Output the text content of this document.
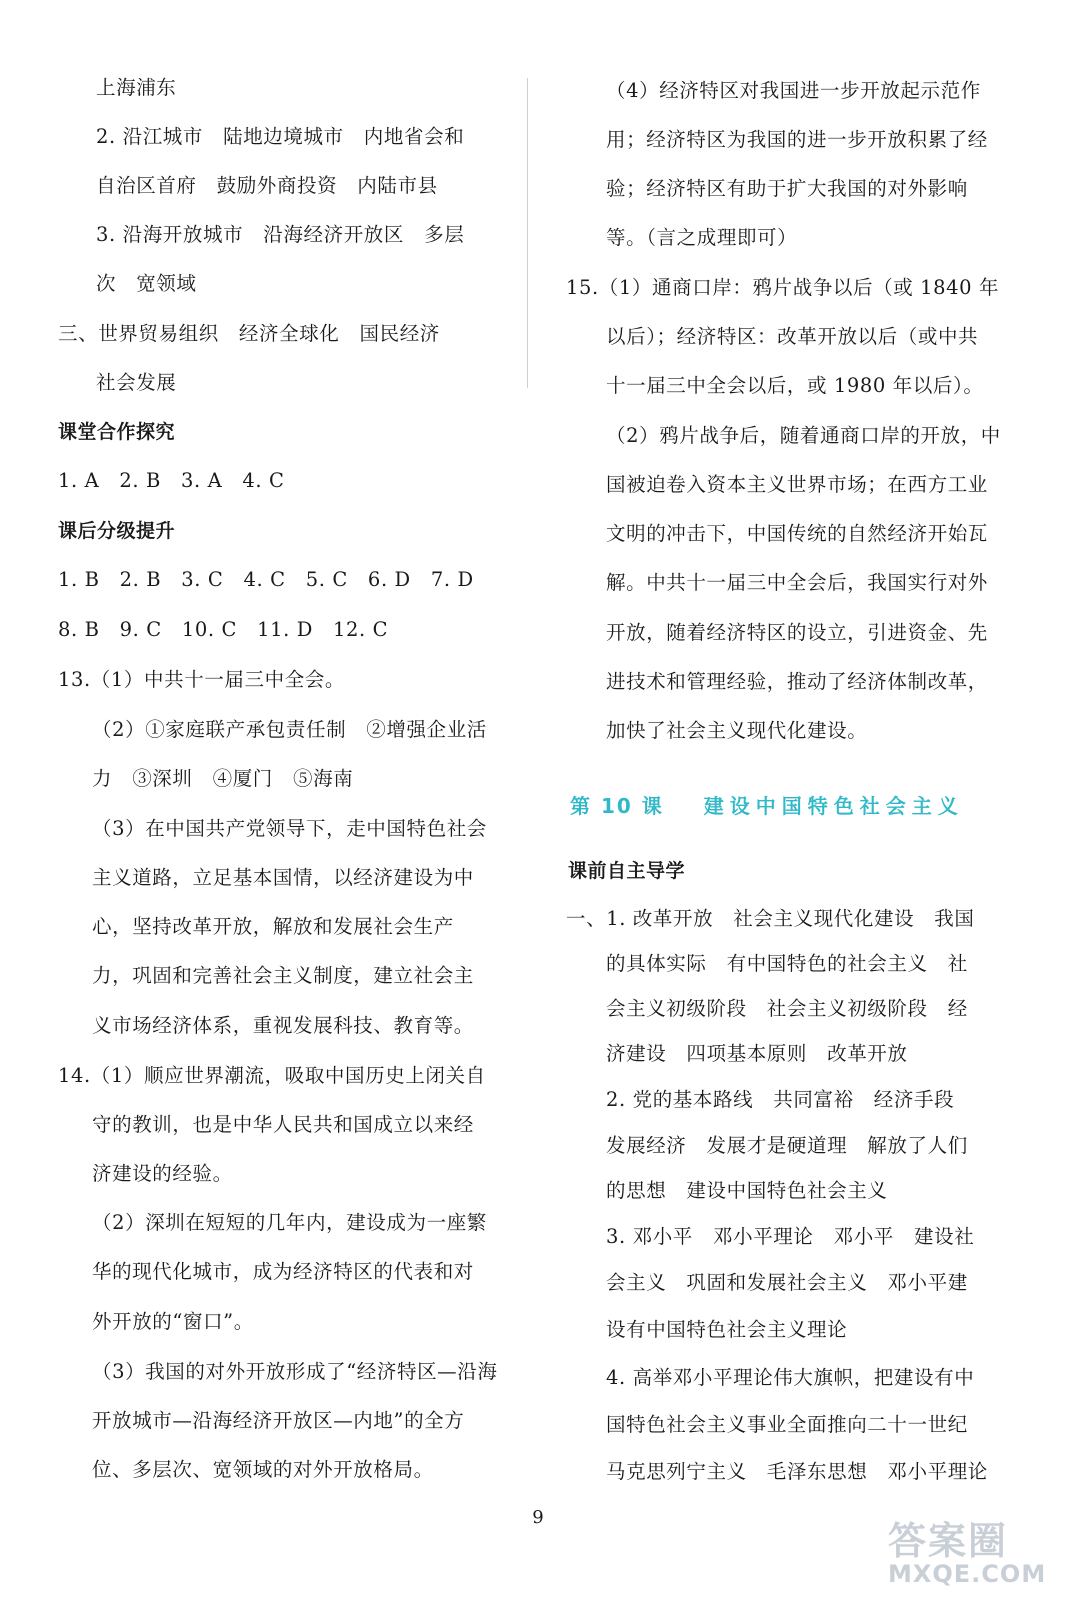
上海浦东
2. 沿江城市　陆地边境城市　内地省会和
自治区首府　鼓励外商投资　内陆市县
3. 沿海开放城市　沿海经济开放区　多层
次　宽领域
三、世界贸易组织　经济全球化　国民经济
社会发展
课堂合作探究
1. A　2. B　3. A　4. C
课后分级提升
1. B　2. B　3. C　4. C　5. C　6. D　7. D
8. B　9. C　10. C　11. D　12. C
13.（1）中共十一届三中全会。
（2）①家庭联产承包责任制　②增强企业活
力　③深圳　④厦门　⑤海南
（3）在中国共产党领导下，走中国特色社会
主义道路，立足基本国情，以经济建设为中
心，坚持改革开放，解放和发展社会生产
力，巩固和完善社会主义制度，建立社会主
义市场经济体系，重视发展科技、教育等。
14.（1）顺应世界潮流，吸取中国历史上闭关自
守的教训，也是中华人民共和国成立以来经
济建设的经验。
（2）深圳在短短的几年内，建设成为一座繁
华的现代化城市，成为经济特区的代表和对
外开放的“窗口”。
（3）我国的对外开放形成了“经济特区—沿海
开放城市—沿海经济开放区—内地”的全方
位、多层次、宽领域的对外开放格局。
（4）经济特区对我国进一步开放起示范作
用；经济特区为我国的进一步开放积累了经
验；经济特区有助于扩大我国的对外影响
等。（言之成理即可）
15.（1）通商口岸：鸦片战争以后（或 1840 年
以后）；经济特区：改革开放以后（或中共
十一届三中全会以后，或 1980 年以后）。
（2）鸦片战争后，随着通商口岸的开放，中
国被迫卷入资本主义世界市场；在西方工业
文明的冲击下，中国传统的自然经济开始瓦
解。中共十一届三中全会后，我国实行对外
开放，随着经济特区的设立，引进资金、先
进技术和管理经验，推动了经济体制改革，
加快了社会主义现代化建设。
课前自主导学
一、1. 改革开放　社会主义现代化建设　我国
的具体实际　有中国特色的社会主义　社
会主义初级阶段　社会主义初级阶段　经
济建设　四项基本原则　改革开放
2. 党的基本路线　共同富裕　经济手段
发展经济　发展才是硬道理　解放了人们
的思想　建设中国特色社会主义
3. 邓小平　邓小平理论　邓小平　建设社
会主义　巩固和发展社会主义　邓小平建
设有中国特色社会主义理论
4. 高举邓小平理论伟大旗帜，把建设有中
国特色社会主义事业全面推向二十一世纪
马克思列宁主义　毛泽东思想　邓小平理论
第 10 课 建设中国特色社会主义
9
答案圈
MXQE.COM
